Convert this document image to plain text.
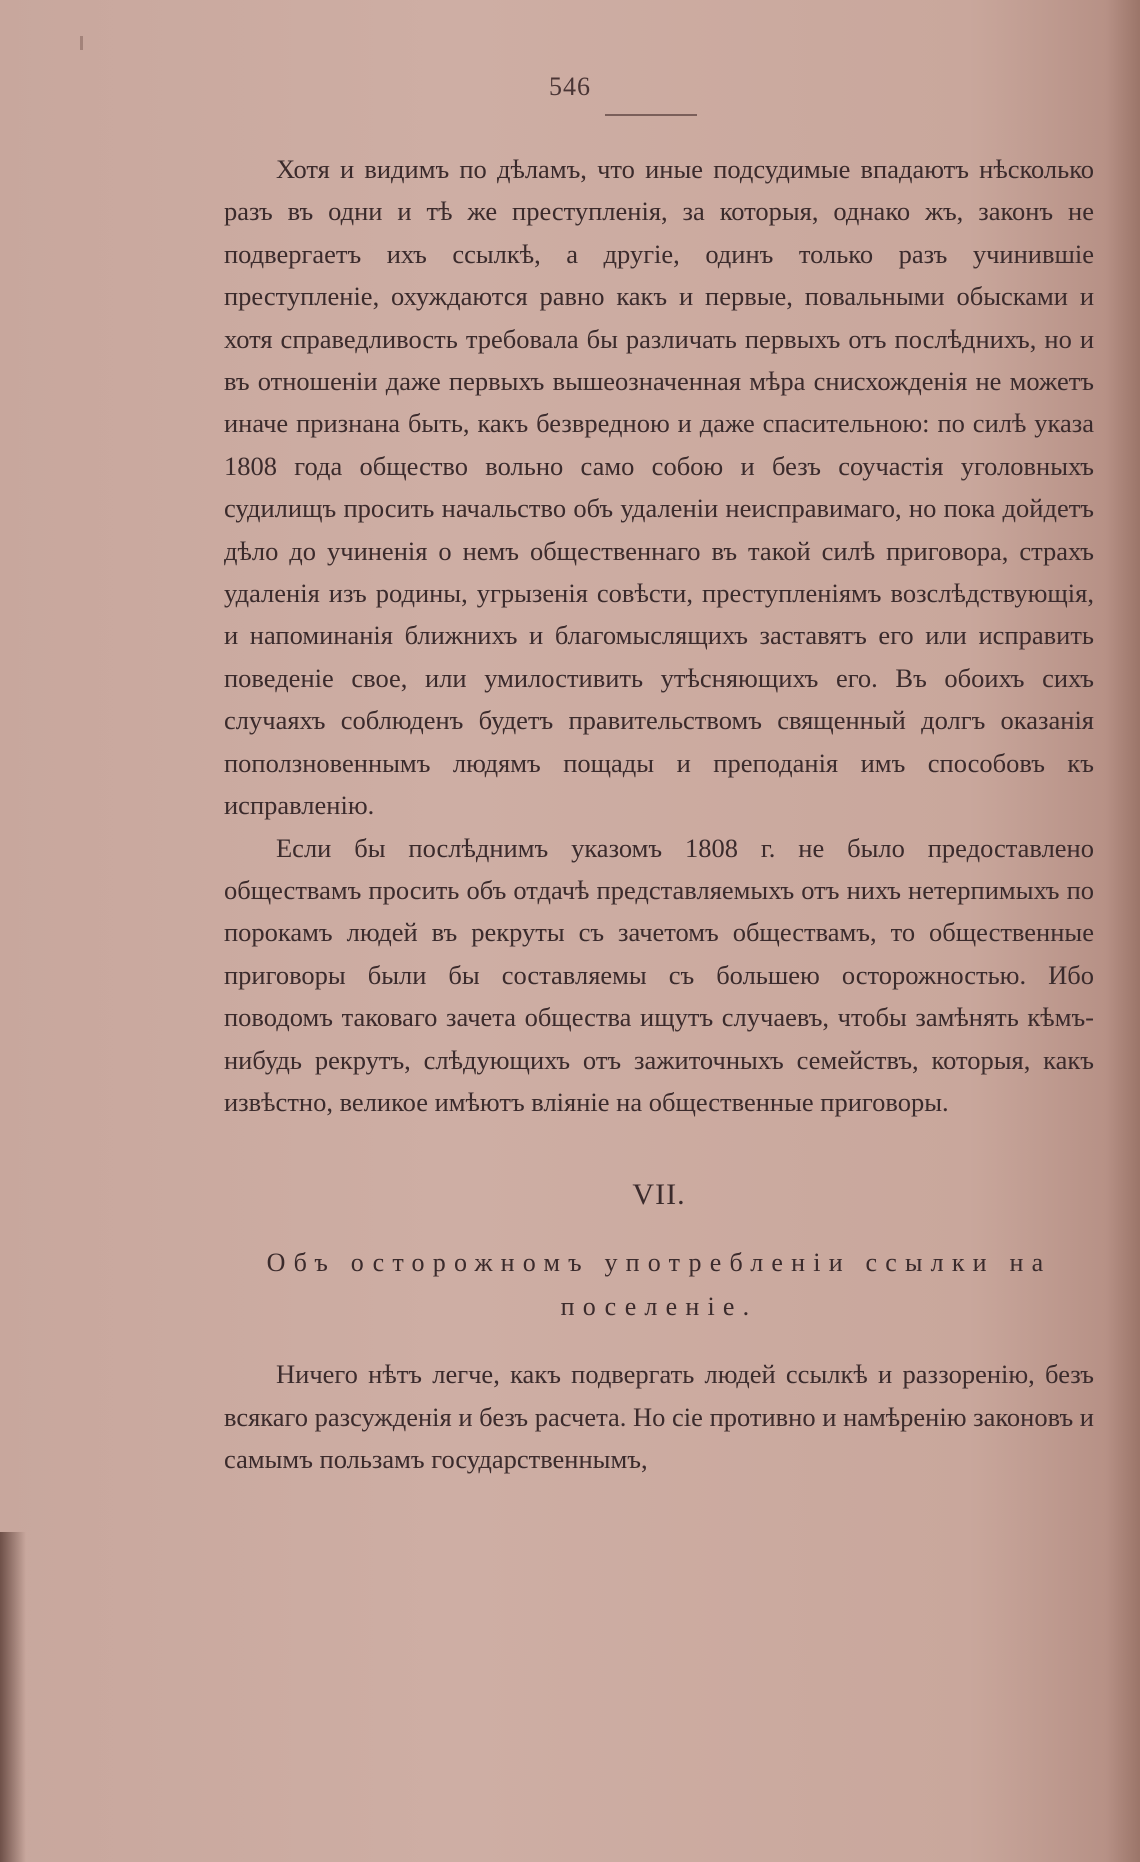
546

Хотя и видимъ по дѣламъ, что иные подсудимые впадаютъ нѣсколько разъ въ одни и тѣ же преступленія, за которыя, однако жъ, законъ не подвергаетъ ихъ ссылкѣ, а другіе, одинъ только разъ учинившіе преступленіе, охуждаются равно какъ и первые, повальными обысками и хотя справедливость требовала бы различать первыхъ отъ послѣднихъ, но и въ отношеніи даже первыхъ вышеозначенная мѣра снисхожденія не можетъ иначе признана быть, какъ безвредною и даже спасительною: по силѣ указа 1808 года общество вольно само собою и безъ соучастія уголовныхъ судилищъ просить начальство объ удаленіи неисправимаго, но пока дойдетъ дѣло до учиненія о немъ общественнаго въ такой силѣ приговора, страхъ удаленія изъ родины, угрызенія совѣсти, преступленіямъ возслѣдствующія, и напоминанія ближнихъ и благомыслящихъ заставятъ его или исправить поведеніе свое, или умилостивить утѣсняющихъ его. Въ обоихъ сихъ случаяхъ соблюденъ будетъ правительствомъ священный долгъ оказанія поползновеннымъ людямъ пощады и преподанія имъ способовъ къ исправленію.

Если бы послѣднимъ указомъ 1808 г. не было предоставлено обществамъ просить объ отдачѣ представляемыхъ отъ нихъ нетерпимыхъ по порокамъ людей въ рекруты съ зачетомъ обществамъ, то общественные приговоры были бы составляемы съ большею осторожностью. Ибо поводомъ таковаго зачета общества ищутъ случаевъ, чтобы замѣнять кѣмъ-нибудь рекрутъ, слѣдующихъ отъ зажиточныхъ семействъ, которыя, какъ извѣстно, великое имѣютъ вліяніе на общественные приговоры.

VII.
Объ осторожномъ употребленіи ссылки на
поселеніе.

Ничего нѣтъ легче, какъ подвергать людей ссылкѣ и раззоренію, безъ всякаго разсужденія и безъ расчета. Но сіе противно и намѣренію законовъ и самымъ пользамъ государственнымъ,
